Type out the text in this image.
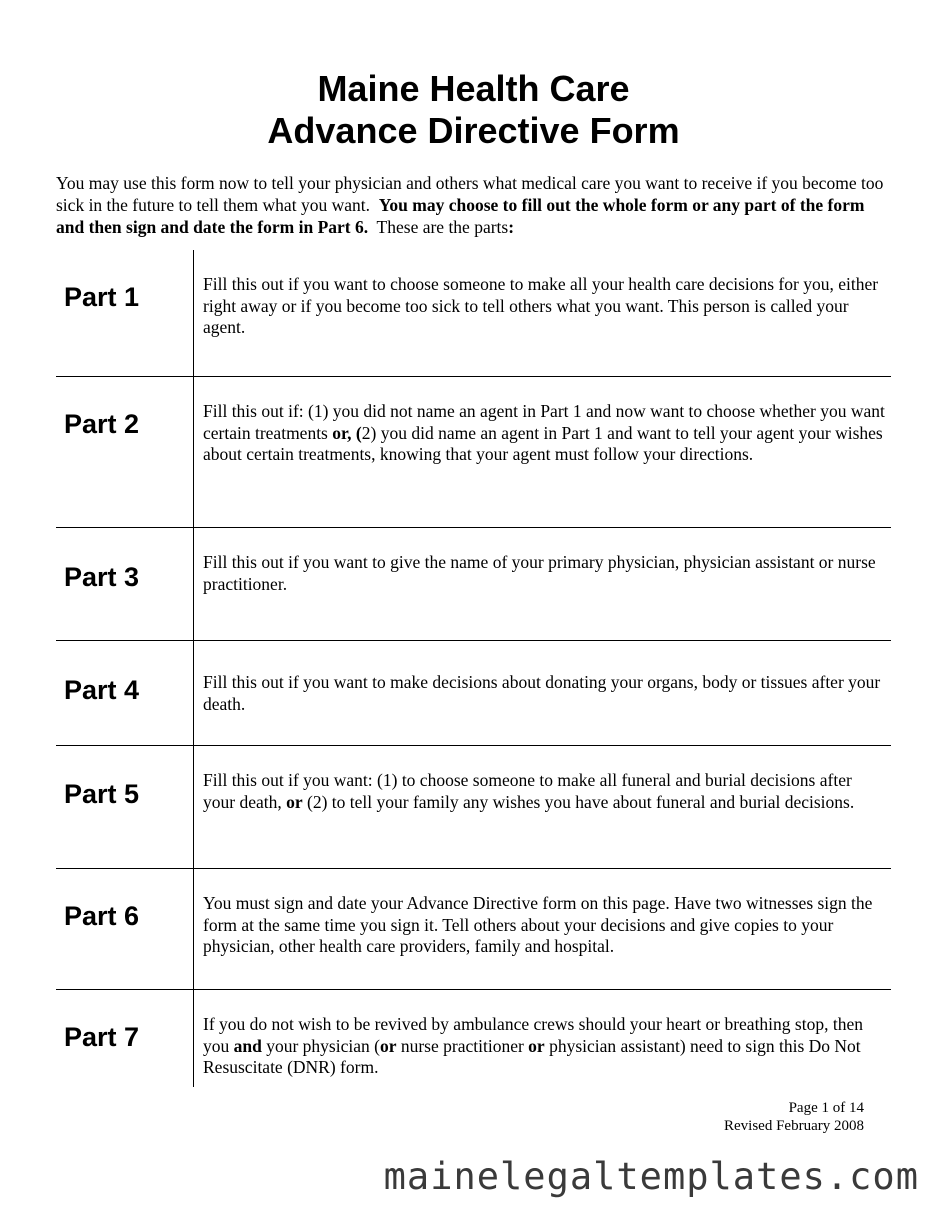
Maine Health Care
Advance Directive Form
You may use this form now to tell your physician and others what medical care you want to receive if you become too sick in the future to tell them what you want. You may choose to fill out the whole form or any part of the form and then sign and date the form in Part 6. These are the parts:
Part 1	Fill this out if you want to choose someone to make all your health care decisions for you, either right away or if you become too sick to tell others what you want. This person is called your agent.
Part 2	Fill this out if: (1) you did not name an agent in Part 1 and now want to choose whether you want certain treatments or, (2) you did name an agent in Part 1 and want to tell your agent your wishes about certain treatments, knowing that your agent must follow your directions.
Part 3	Fill this out if you want to give the name of your primary physician, physician assistant or nurse practitioner.
Part 4	Fill this out if you want to make decisions about donating your organs, body or tissues after your death.
Part 5	Fill this out if you want: (1) to choose someone to make all funeral and burial decisions after your death, or (2) to tell your family any wishes you have about funeral and burial decisions.
Part 6	You must sign and date your Advance Directive form on this page. Have two witnesses sign the form at the same time you sign it. Tell others about your decisions and give copies to your physician, other health care providers, family and hospital.
Part 7	If you do not wish to be revived by ambulance crews should your heart or breathing stop, then you and your physician (or nurse practitioner or physician assistant) need to sign this Do Not Resuscitate (DNR) form.
Page 1 of 14
Revised February 2008
mainelegaltemplates.com
